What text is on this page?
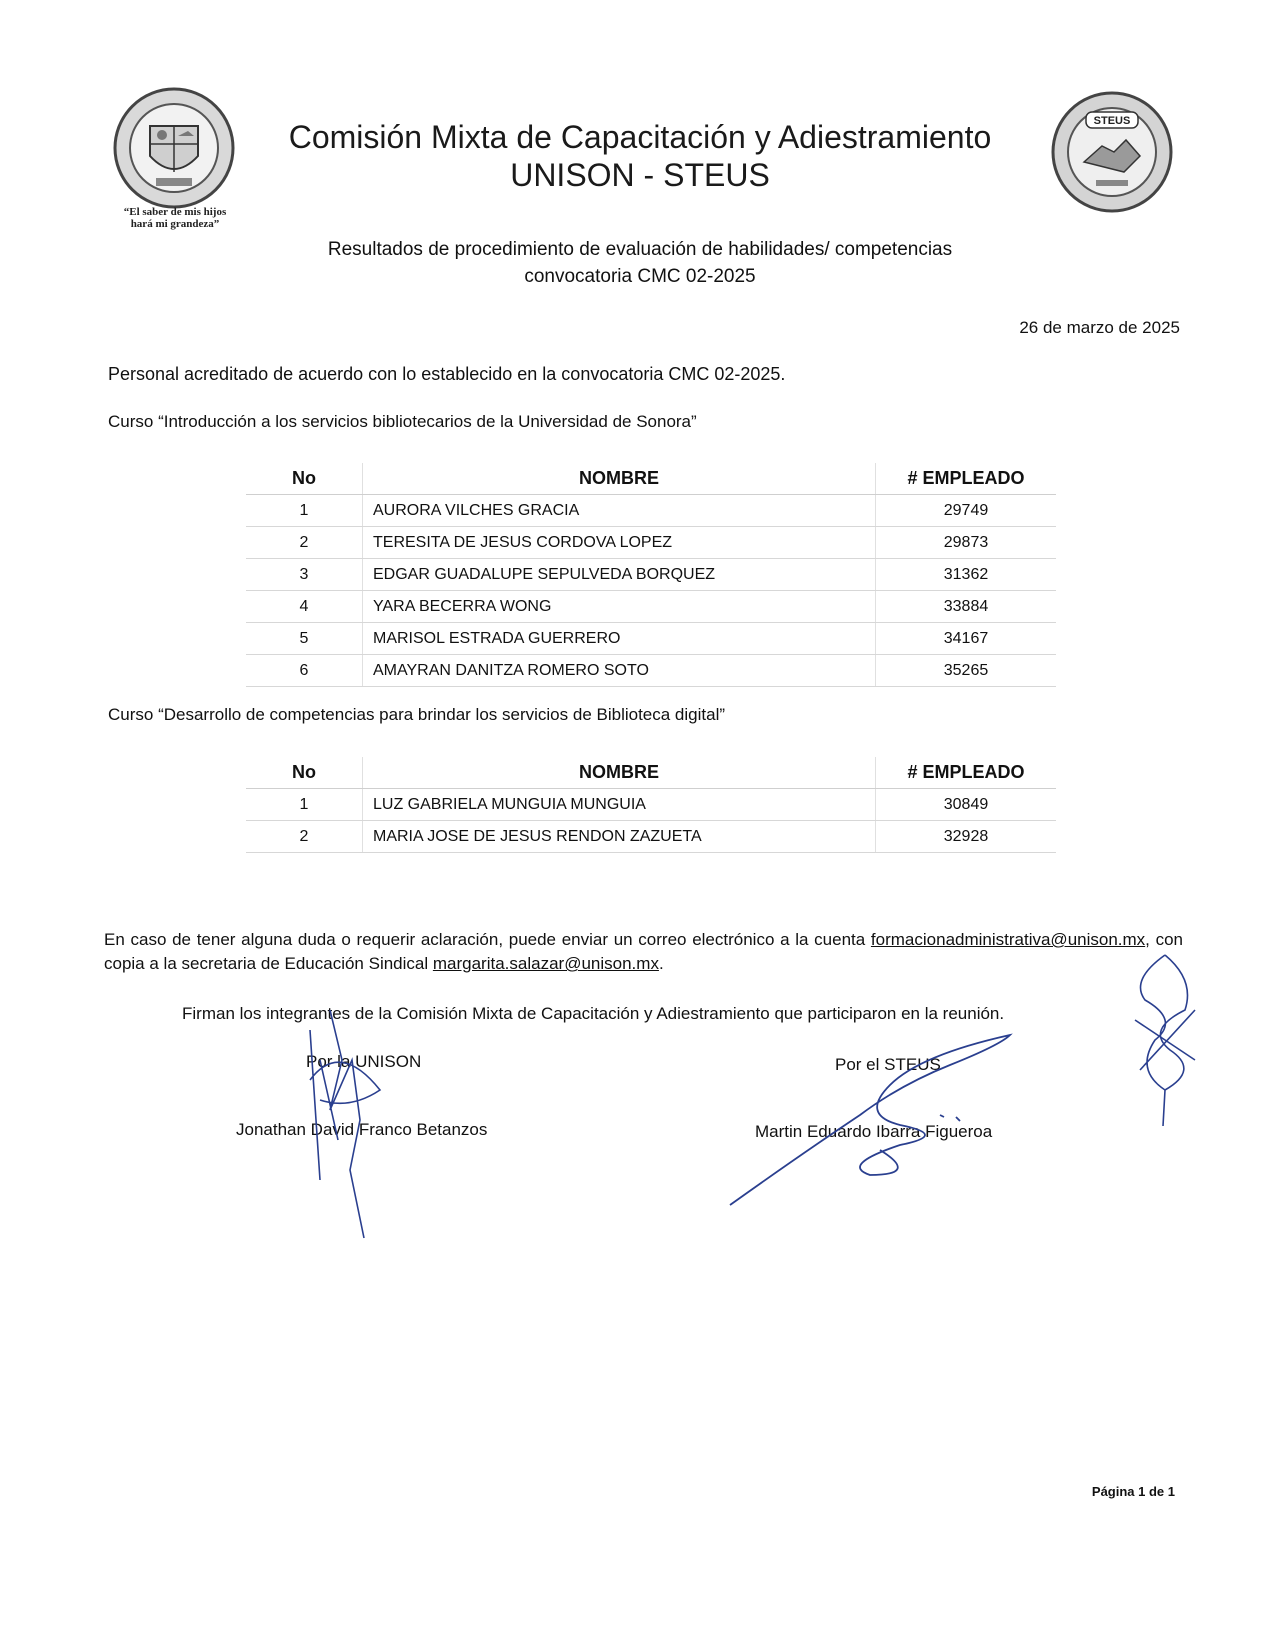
“El saber de mis hijos
hará mi grandeza”
Comisión Mixta de Capacitación y Adiestramiento
UNISON - STEUS
STEUS
Resultados de procedimiento de evaluación de habilidades/ competencias
convocatoria CMC 02-2025
26 de marzo de 2025
Personal acreditado de acuerdo con lo establecido en la convocatoria CMC 02-2025.
Curso “Introducción a los servicios bibliotecarios de la Universidad de Sonora”
No	NOMBRE	# EMPLEADO
1	AURORA VILCHES GRACIA	29749
2	TERESITA DE JESUS CORDOVA LOPEZ	29873
3	EDGAR GUADALUPE SEPULVEDA BORQUEZ	31362
4	YARA BECERRA WONG	33884
5	MARISOL ESTRADA GUERRERO	34167
6	AMAYRAN DANITZA ROMERO SOTO	35265
Curso “Desarrollo de competencias para brindar los servicios de Biblioteca digital”
No	NOMBRE	# EMPLEADO
1	LUZ GABRIELA MUNGUIA MUNGUIA	30849
2	MARIA JOSE DE JESUS RENDON ZAZUETA	32928
En caso de tener alguna duda o requerir aclaración, puede enviar un correo electrónico a la cuenta formacionadministrativa@unison.mx, con copia a la secretaria de Educación Sindical margarita.salazar@unison.mx.
Firman los integrantes de la Comisión Mixta de Capacitación y Adiestramiento que participaron en la reunión.
Por la UNISON	Por el STEUS
Jonathan David Franco Betanzos	Martin Eduardo Ibarra Figueroa
Página 1 de 1
